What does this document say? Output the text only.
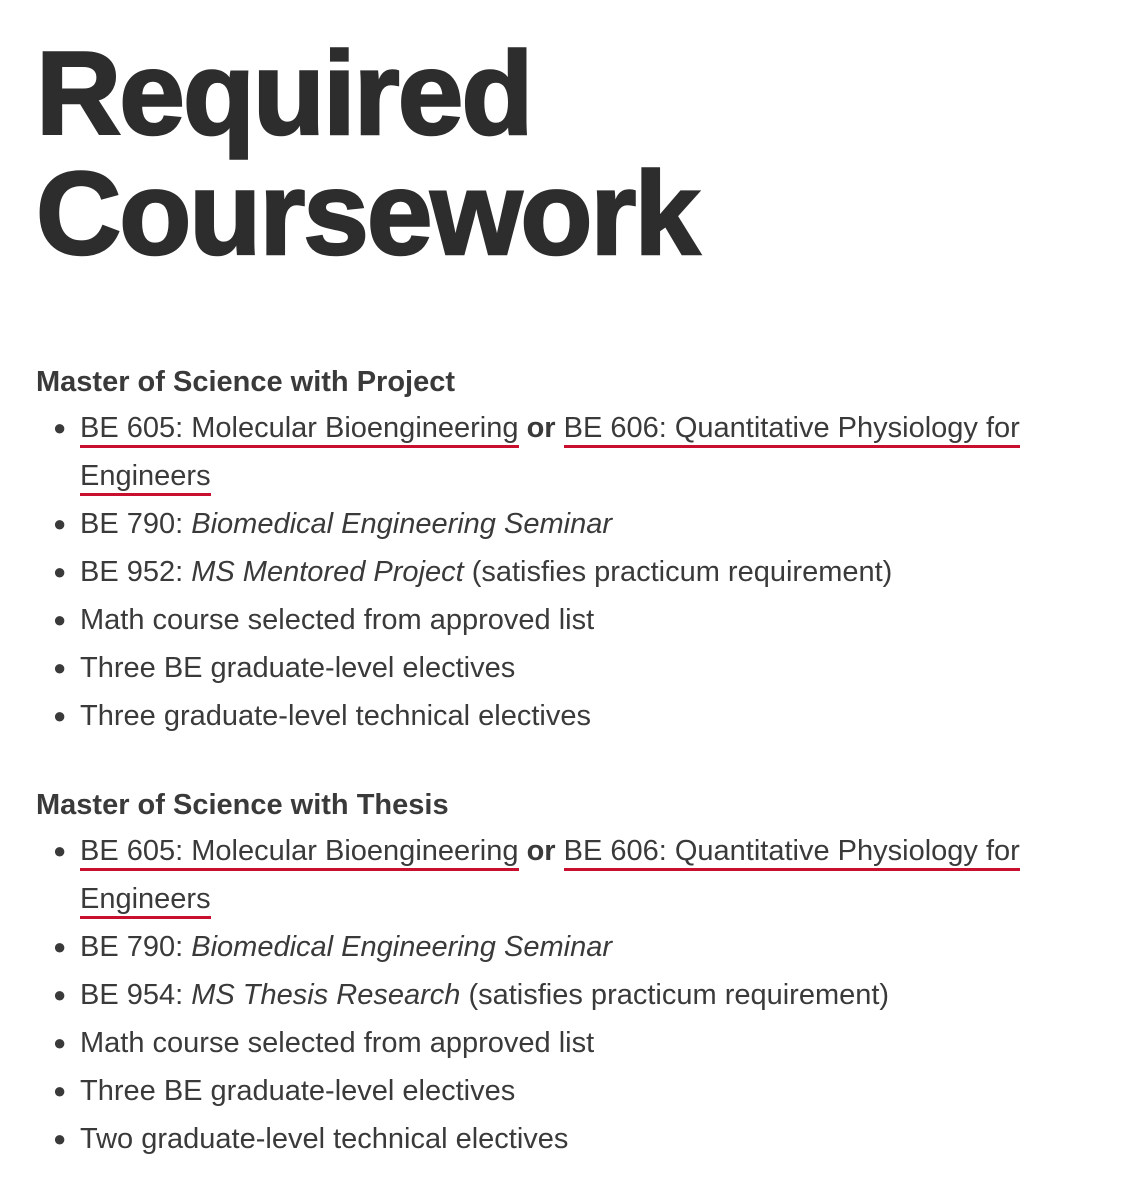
Required Coursework

Master of Science with Project

● BE 605: Molecular Bioengineering or BE 606: Quantitative Physiology for Engineers
● BE 790: Biomedical Engineering Seminar
● BE 952: MS Mentored Project (satisfies practicum requirement)
● Math course selected from approved list
● Three BE graduate-level electives
● Three graduate-level technical electives

Master of Science with Thesis

● BE 605: Molecular Bioengineering or BE 606: Quantitative Physiology for Engineers
● BE 790: Biomedical Engineering Seminar
● BE 954: MS Thesis Research (satisfies practicum requirement)
● Math course selected from approved list
● Three BE graduate-level electives
● Two graduate-level technical electives
